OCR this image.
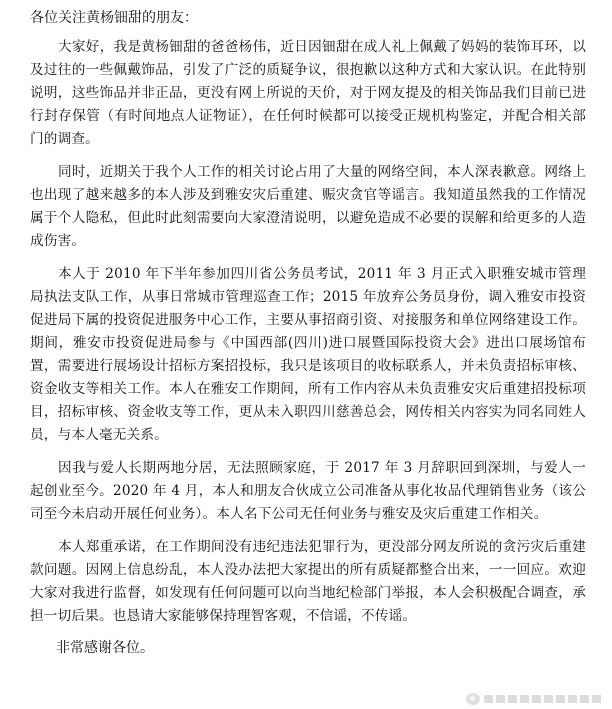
各位关注黄杨钿甜的朋友：

大家好，我是黄杨钿甜的爸爸杨伟，近日因钿甜在成人礼上佩戴了妈妈的装饰耳环，以及过往的一些佩戴饰品，引发了广泛的质疑争议，很抱歉以这种方式和大家认识。在此特别说明，这些饰品并非正品，更没有网上所说的天价，对于网友提及的相关饰品我们目前已进行封存保管（有时间地点人证物证），在任何时候都可以接受正规机构鉴定，并配合相关部门的调查。

同时，近期关于我个人工作的相关讨论占用了大量的网络空间，本人深表歉意。网络上也出现了越来越多的本人涉及到雅安灾后重建、赈灾贪官等谣言。我知道虽然我的工作情况属于个人隐私，但此时此刻需要向大家澄清说明，以避免造成不必要的误解和给更多的人造成伤害。

本人于 2010 年下半年参加四川省公务员考试，2011 年 3 月正式入职雅安城市管理局执法支队工作，从事日常城市管理巡查工作；2015 年放弃公务员身份，调入雅安市投资促进局下属的投资促进服务中心工作，主要从事招商引资、对接服务和单位网络建设工作。期间，雅安市投资促进局参与《中国西部(四川)进口展暨国际投资大会》进出口展场馆布置，需要进行展场设计招标方案招投标，我只是该项目的收标联系人，并未负责招标审核、资金收支等相关工作。本人在雅安工作期间，所有工作内容从未负责雅安灾后重建招投标项目，招标审核、资金收支等工作，更从未入职四川慈善总会，网传相关内容实为同名同姓人员，与本人毫无关系。

因我与爱人长期两地分居，无法照顾家庭，于 2017 年 3 月辞职回到深圳，与爱人一起创业至今。2020 年 4 月，本人和朋友合伙成立公司准备从事化妆品代理销售业务（该公司至今未启动开展任何业务）。本人名下公司无任何业务与雅安及灾后重建工作相关。

本人郑重承诺，在工作期间没有违纪违法犯罪行为，更没部分网友所说的贪污灾后重建款问题。因网上信息纷乱，本人没办法把大家提出的所有质疑都整合出来，一一回应。欢迎大家对我进行监督，如发现有任何问题可以向当地纪检部门举报，本人会积极配合调查，承担一切后果。也恳请大家能够保持理智客观，不信谣，不传谣。

非常感谢各位。
